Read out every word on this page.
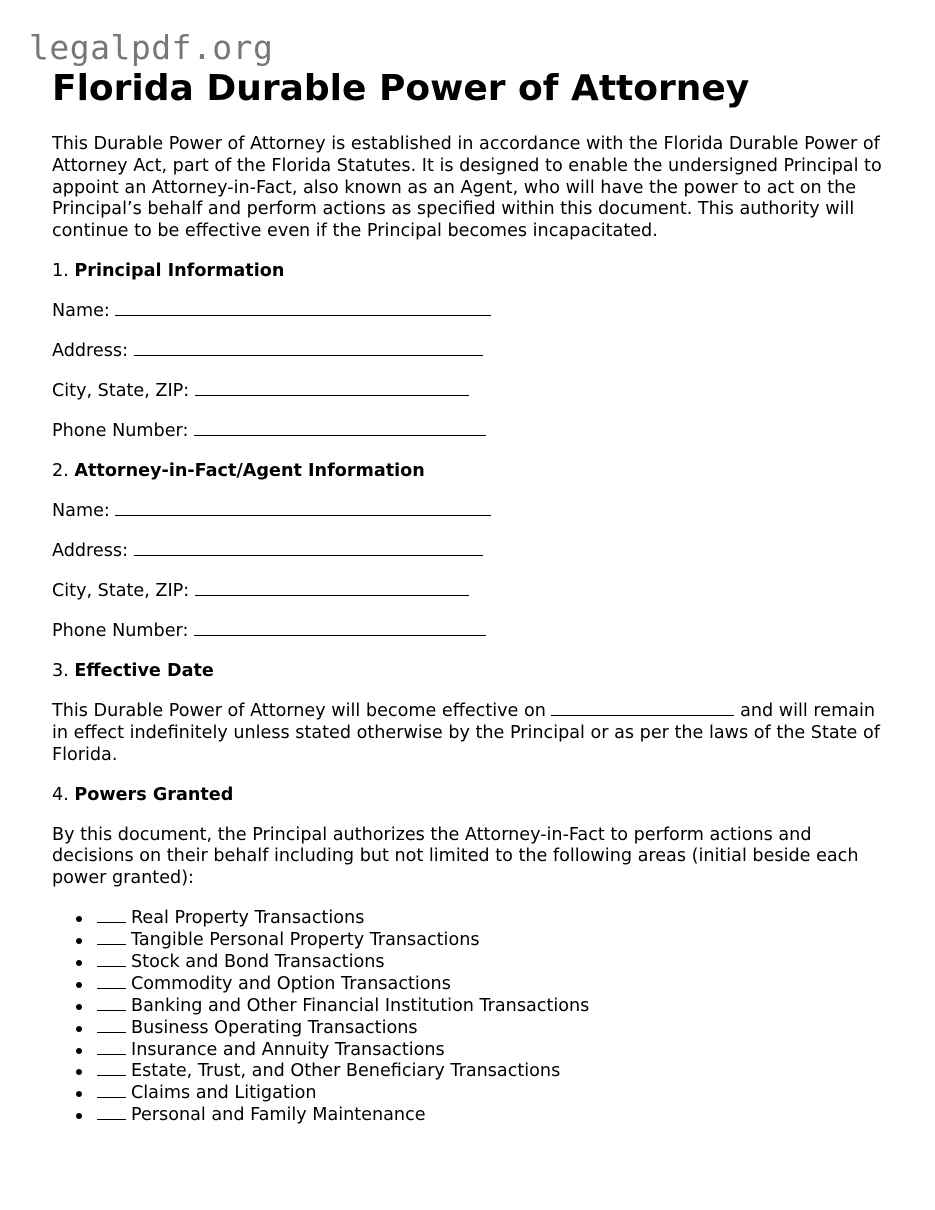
legalpdf.org
Florida Durable Power of Attorney

This Durable Power of Attorney is established in accordance with the Florida Durable Power of Attorney Act, part of the Florida Statutes. It is designed to enable the undersigned Principal to appoint an Attorney-in-Fact, also known as an Agent, who will have the power to act on the Principal’s behalf and perform actions as specified within this document. This authority will continue to be effective even if the Principal becomes incapacitated.

1. Principal Information
Name:
Address:
City, State, ZIP:
Phone Number:
2. Attorney-in-Fact/Agent Information
Name:
Address:
City, State, ZIP:
Phone Number:
3. Effective Date

This Durable Power of Attorney will become effective on	and will remain in effect indefinitely unless stated otherwise by the Principal or as per the laws of the State of Florida.

4. Powers Granted

By this document, the Principal authorizes the Attorney-in-Fact to perform actions and decisions on their behalf including but not limited to the following areas (initial beside each power granted):

Real Property Transactions
Tangible Personal Property Transactions
Stock and Bond Transactions
Commodity and Option Transactions
Banking and Other Financial Institution Transactions
Business Operating Transactions
Insurance and Annuity Transactions
Estate, Trust, and Other Beneficiary Transactions
Claims and Litigation
Personal and Family Maintenance
